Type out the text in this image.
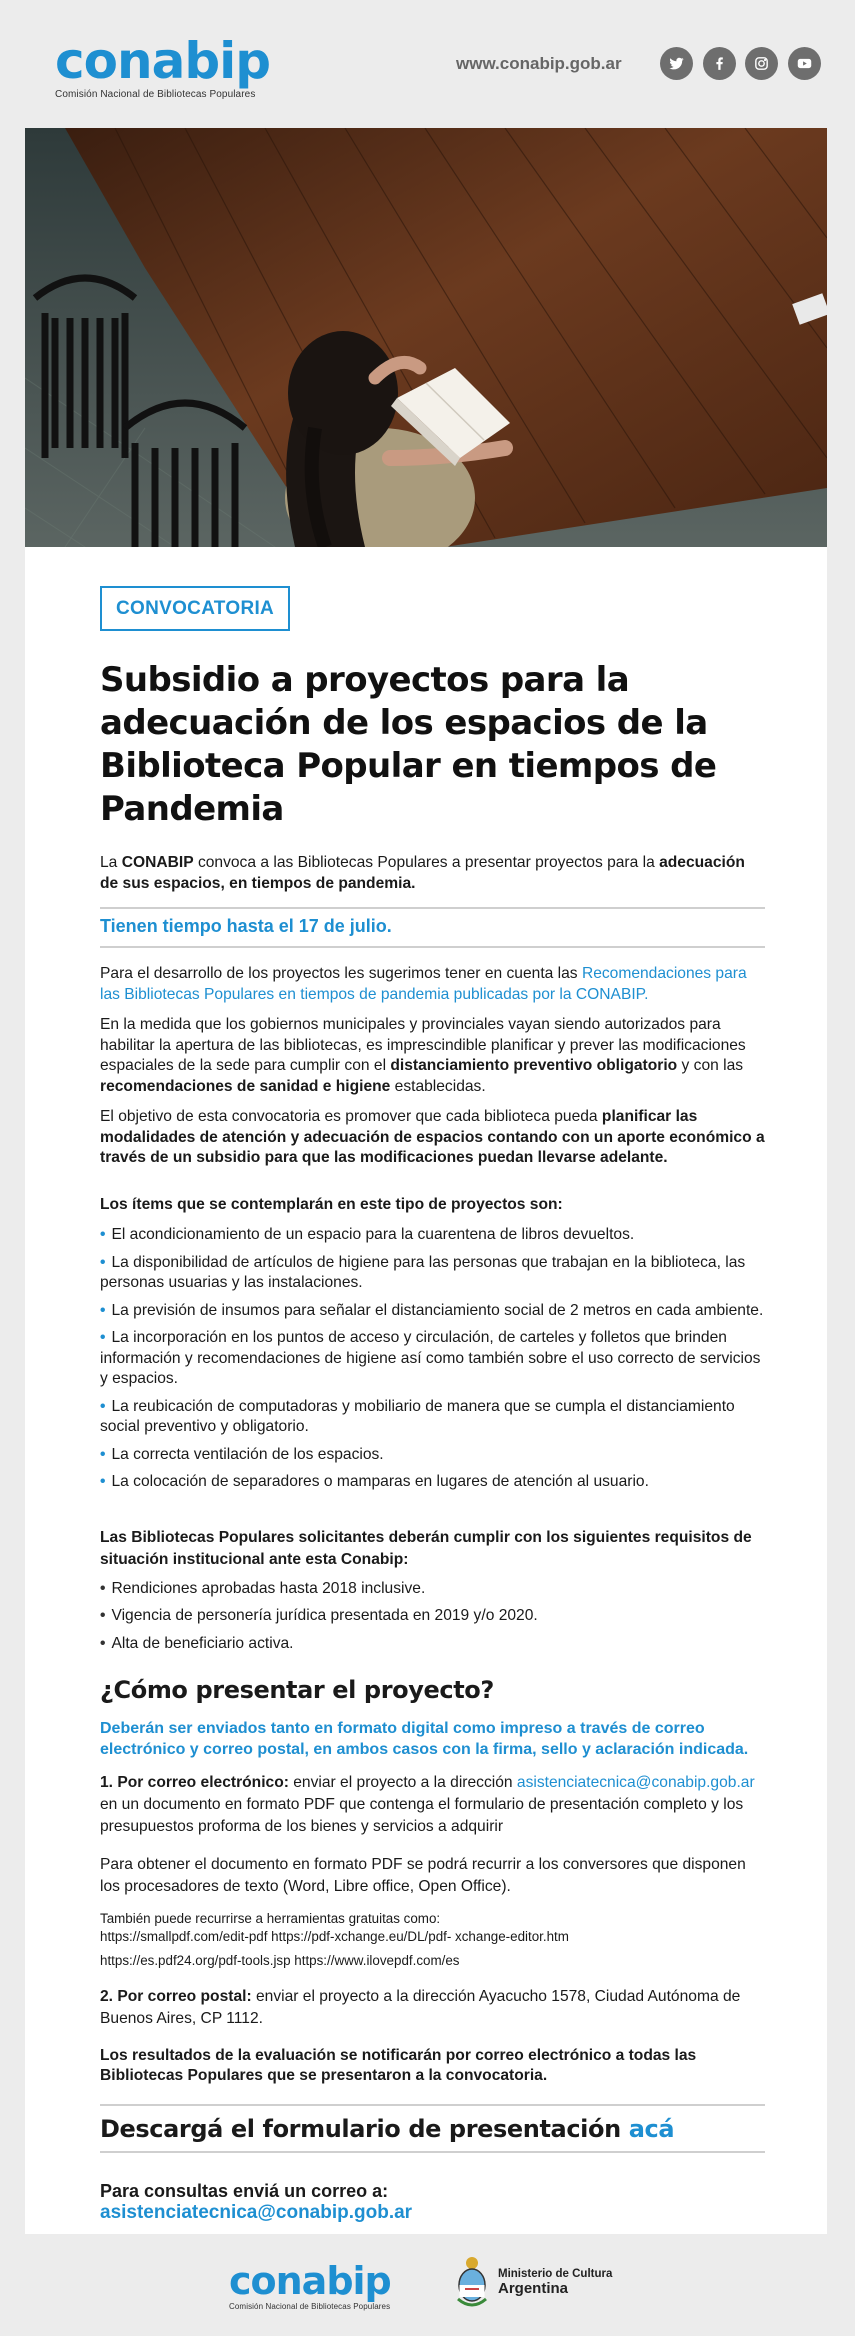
conabip
Comisión Nacional de Bibliotecas Populares
www.conabip.gob.ar
CONVOCATORIA
Subsidio a proyectos para la adecuación de los espacios de la Biblioteca Popular en tiempos de Pandemia

La CONABIP convoca a las Bibliotecas Populares a presentar proyectos para la adecuación de sus espacios, en tiempos de pandemia.

Tienen tiempo hasta el 17 de julio.

Para el desarrollo de los proyectos les sugerimos tener en cuenta las Recomendaciones para las Bibliotecas Populares en tiempos de pandemia publicadas por la CONABIP.

En la medida que los gobiernos municipales y provinciales vayan siendo autorizados para habilitar la apertura de las bibliotecas, es imprescindible planificar y prever las modificaciones espaciales de la sede para cumplir con el distanciamiento preventivo obligatorio y con las recomendaciones de sanidad e higiene establecidas.

El objetivo de esta convocatoria es promover que cada biblioteca pueda planificar las modalidades de atención y adecuación de espacios contando con un aporte económico a través de un subsidio para que las modificaciones puedan llevarse adelante.

Los ítems que se contemplarán en este tipo de proyectos son:

• El acondicionamiento de un espacio para la cuarentena de libros devueltos.
• La disponibilidad de artículos de higiene para las personas que trabajan en la biblioteca, las personas usuarias y las instalaciones.
• La previsión de insumos para señalar el distanciamiento social de 2 metros en cada ambiente.
• La incorporación en los puntos de acceso y circulación, de carteles y folletos que brinden información y recomendaciones de higiene así como también sobre el uso correcto de servicios y espacios.
• La reubicación de computadoras y mobiliario de manera que se cumpla el distanciamiento social preventivo y obligatorio.
• La correcta ventilación de los espacios.
• La colocación de separadores o mamparas en lugares de atención al usuario.

Las Bibliotecas Populares solicitantes deberán cumplir con los siguientes requisitos de situación institucional ante esta Conabip:

• Rendiciones aprobadas hasta 2018 inclusive.
• Vigencia de personería jurídica presentada en 2019 y/o 2020.
• Alta de beneficiario activa.
¿Cómo presentar el proyecto?

Deberán ser enviados tanto en formato digital como impreso a través de correo electrónico y correo postal, en ambos casos con la firma, sello y aclaración indicada.

1. Por correo electrónico: enviar el proyecto a la dirección asistenciatecnica@conabip.gob.ar en un documento en formato PDF que contenga el formulario de presentación completo y los presupuestos proforma de los bienes y servicios a adquirir

Para obtener el documento en formato PDF se podrá recurrir a los conversores que disponen los procesadores de texto (Word, Libre office, Open Office).

También puede recurrirse a herramientas gratuitas como:

https://smallpdf.com/edit-pdf https://pdf-xchange.eu/DL/pdf- xchange-editor.htm

https://es.pdf24.org/pdf-tools.jsp https://www.ilovepdf.com/es

2. Por correo postal: enviar el proyecto a la dirección Ayacucho 1578, Ciudad Autónoma de Buenos Aires, CP 1112.

Los resultados de la evaluación se notificarán por correo electrónico a todas las Bibliotecas Populares que se presentaron a la convocatoria.

Descargá el formulario de presentación acá
Para consultas enviá un correo a:
asistenciatecnica@conabip.gob.ar
conabip
Comisión Nacional de Bibliotecas Populares
Ministerio de Cultura
Argentina
